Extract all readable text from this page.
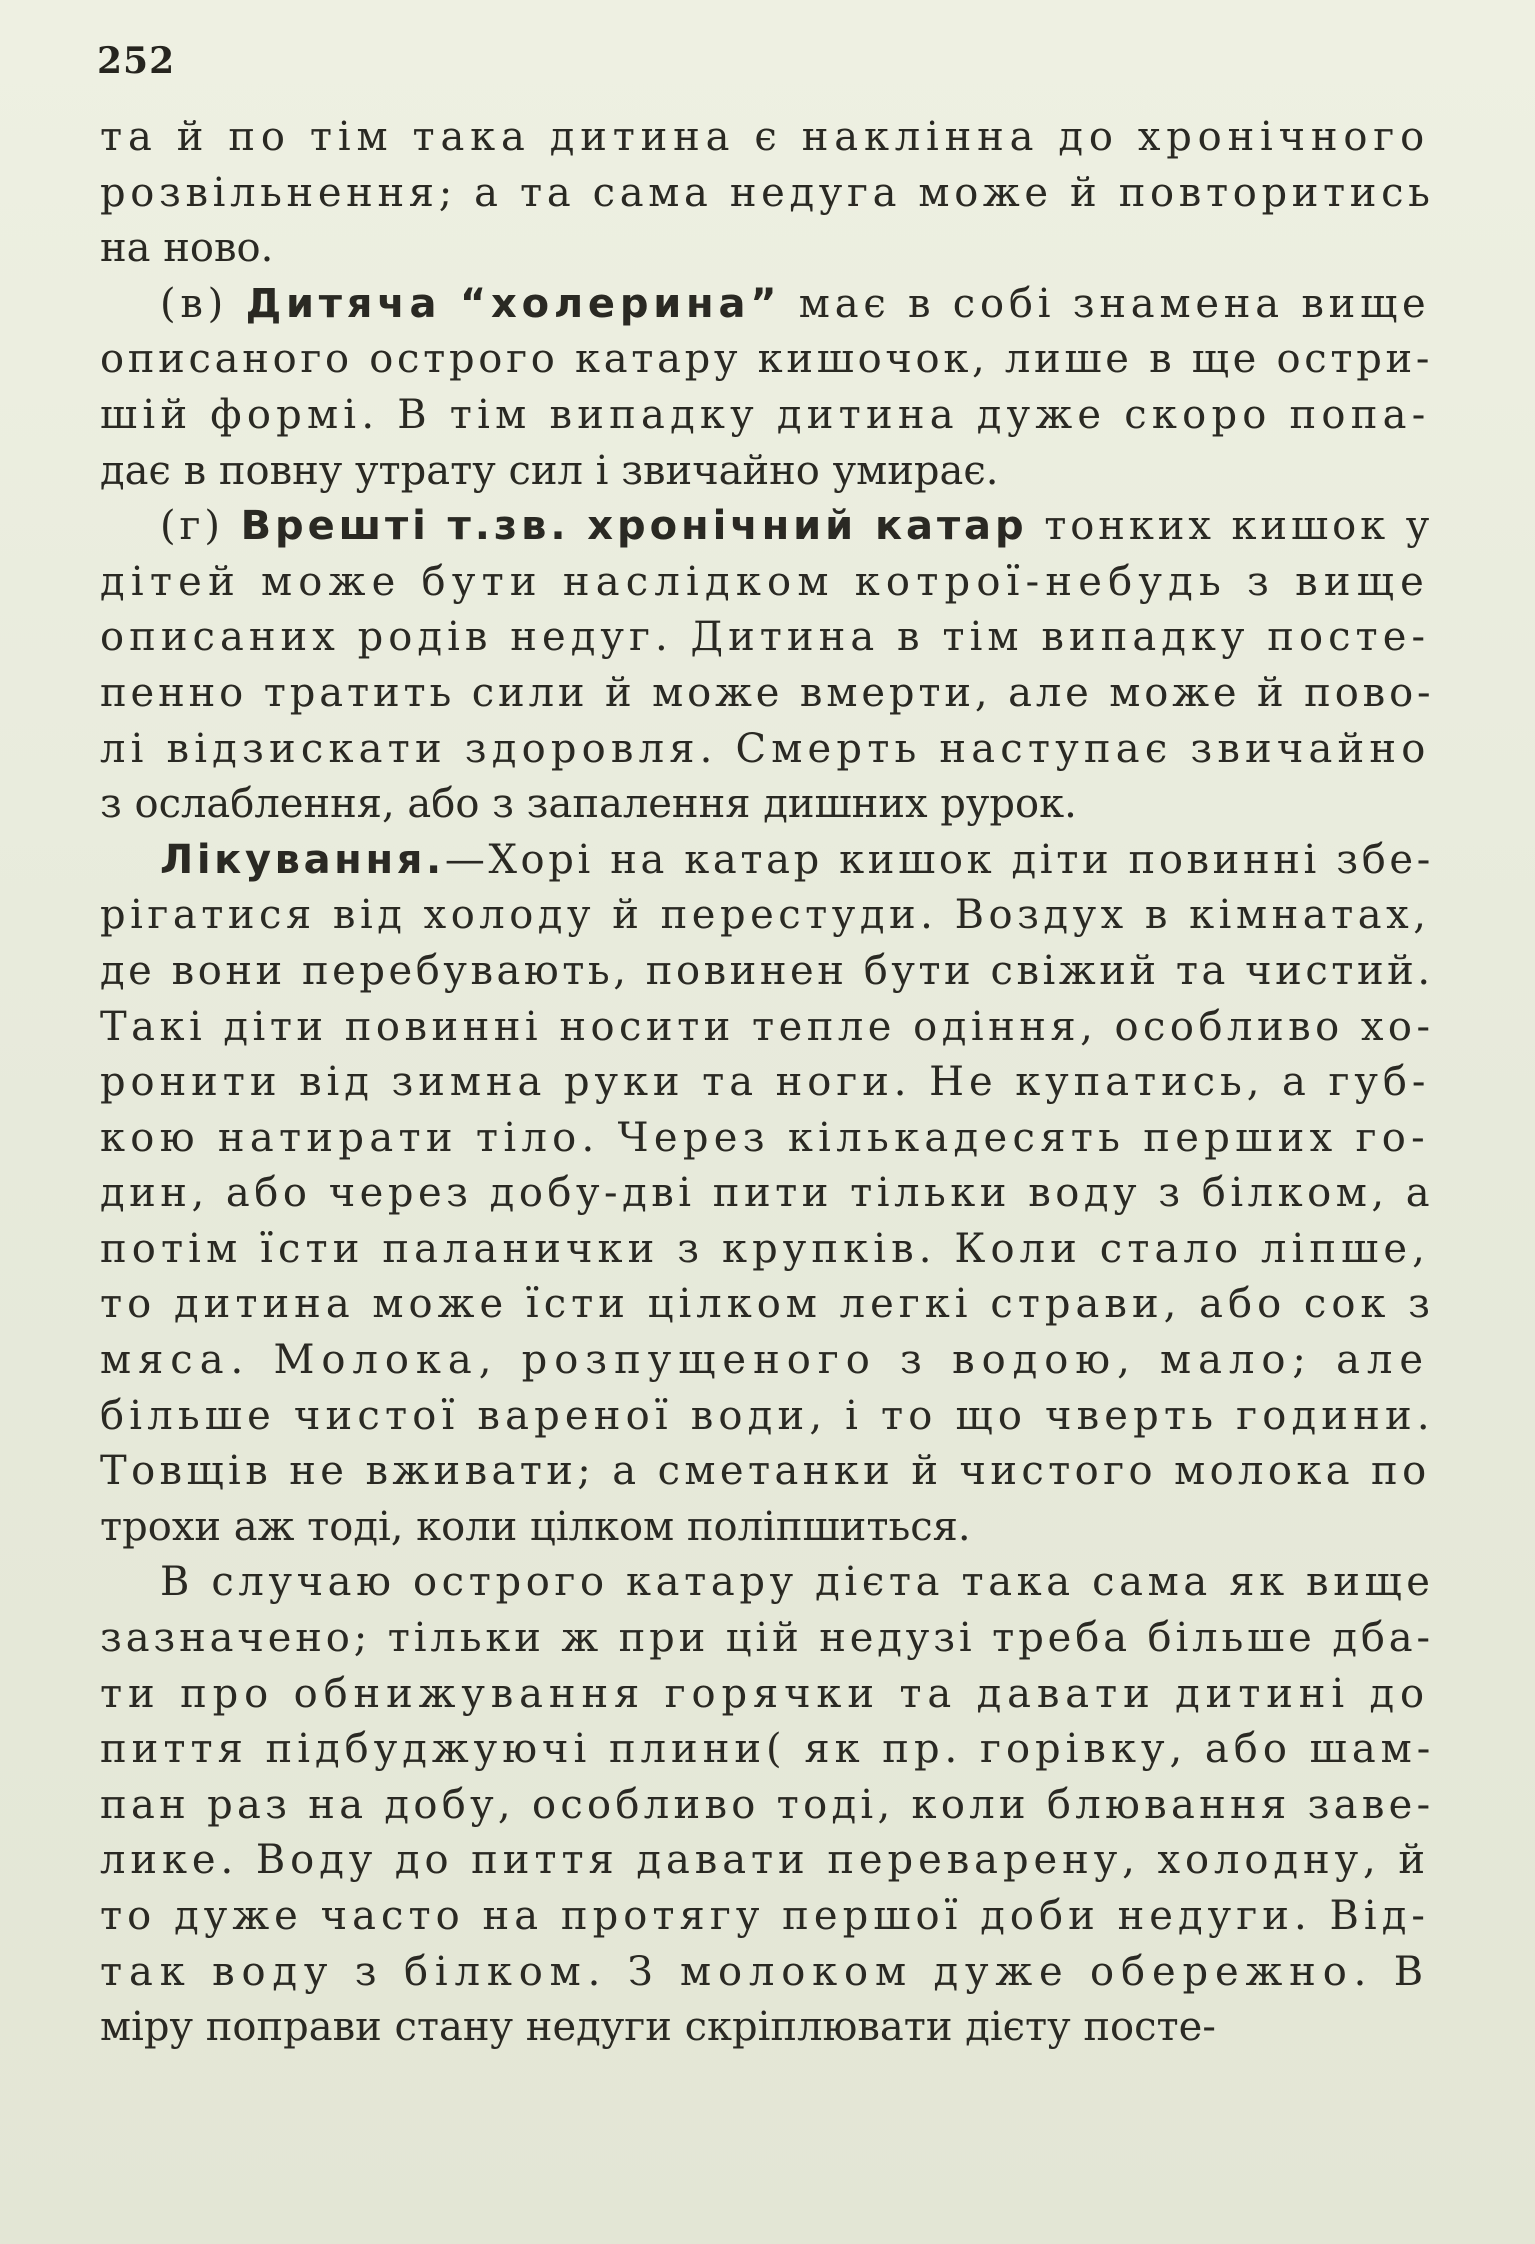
252
та й по тім така дитина є наклінна до хронічного
розвільнення; а та сама недуга може й повторитись
на ново.
(в) Дитяча “холерина” має в собі знамена вище
описаного острого катару кишочок, лише в ще остри-
шій формі. В тім випадку дитина дуже скоро попа-
дає в повну утрату сил і звичайно умирає.
(г) Врешті т.зв. хронічний катар тонких кишок у
дітей може бути наслідком котрої-небудь з вище
описаних родів недуг. Дитина в тім випадку посте-
пенно тратить сили й може вмерти, але може й пово-
лі відзискати здоровля. Смерть наступає звичайно
з ослаблення, або з запалення дишних рурок.
Лікування.—Хорі на катар кишок діти повинні збе-
рігатися від холоду й перестуди. Воздух в кімнатах,
де вони перебувають, повинен бути свіжий та чистий.
Такі діти повинні носити тепле одіння, особливо хо-
ронити від зимна руки та ноги. Не купатись, а губ-
кою натирати тіло. Через кількадесять перших го-
дин, або через добу-дві пити тільки воду з білком, а
потім їсти паланички з крупків. Коли стало ліпше,
то дитина може їсти цілком легкі страви, або сок з
мяса. Молока, розпущеного з водою, мало; але
більше чистої вареної води, і то що чверть години.
Товщів не вживати; а сметанки й чистого молока по
трохи аж тоді, коли цілком поліпшиться.
В случаю острого катару дієта така сама як вище
зазначено; тільки ж при цій недузі треба більше дба-
ти про обнижування горячки та давати дитині до
пиття підбуджуючі плини( як пр. горівку, або шам-
пан раз на добу, особливо тоді, коли блювання заве-
лике. Воду до пиття давати переварену, холодну, й
то дуже часто на протягу першої доби недуги. Від-
так воду з білком. З молоком дуже обережно. В
міру поправи стану недуги скріплювати дієту посте-
